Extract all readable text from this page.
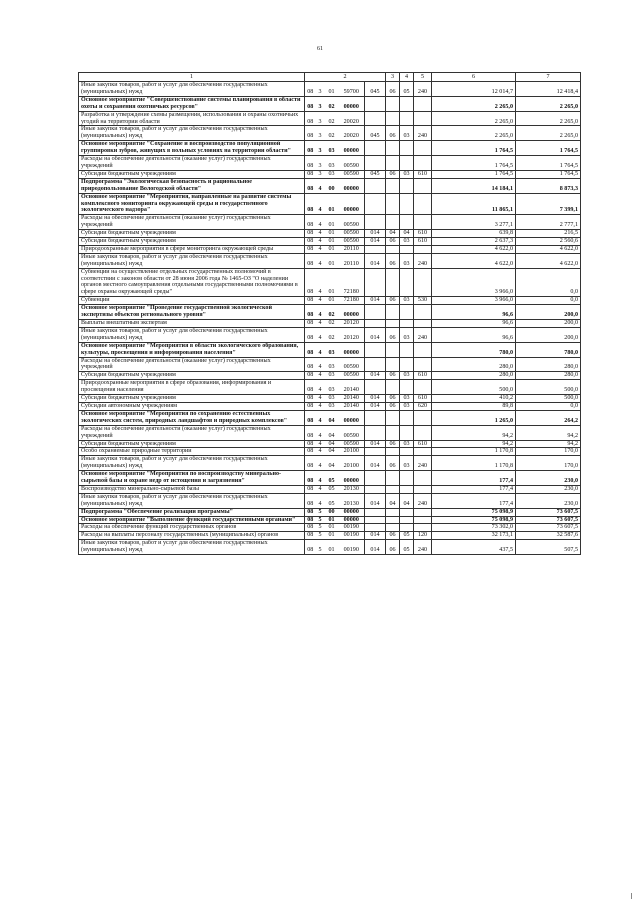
61
1	2					3	4	5	6	7
Иные закупки товаров, работ и услуг для обеспечения государственных (муниципальных) нужд	08	3	01	59700	045	06	05	240	12 014,7	12 418,4
Основное мероприятие "Совершенствование системы планирования в области охоты и сохранения охотничьих ресурсов"	08	3	02	00000					2 265,0	2 265,0
Разработка и утверждение схемы размещения, использования и охраны охотничьих угодий на территории области	08	3	02	20020					2 265,0	2 265,0
Иные закупки товаров, работ и услуг для обеспечения государственных (муниципальных) нужд	08	3	02	20020	045	06	03	240	2 265,0	2 265,0
Основное мероприятие "Сохранение и воспроизводство популяционной группировки зубров, живущих в вольных условиях на территории области"	08	3	03	00000					1 764,5	1 764,5
Расходы на обеспечение деятельности (оказание услуг) государственных учреждений	08	3	03	00590					1 764,5	1 764,5
Субсидии бюджетным учреждениям	08	3	03	00590	045	06	03	610	1 764,5	1 764,5
Подпрограмма "Экологическая безопасность и рациональное природопользование Вологодской области"	08	4	00	00000					14 184,1	8 873,3
Основное мероприятие "Мероприятия, направленные на развитие системы комплексного мониторинга окружающей среды и государственного экологического надзора"	08	4	01	00000					11 865,1	7 399,1
Расходы на обеспечение деятельности (оказание услуг) государственных учреждений	08	4	01	00590					3 277,1	2 777,1
Субсидии бюджетным учреждениям	08	4	01	00590	014	04	04	610	639,8	216,5
Субсидии бюджетным учреждениям	08	4	01	00590	014	06	03	610	2 637,3	2 560,6
Природоохранные мероприятия в сфере мониторинга окружающей среды	08	4	01	20110					4 622,0	4 622,0
Иные закупки товаров, работ и услуг для обеспечения государственных (муниципальных) нужд	08	4	01	20110	014	06	03	240	4 622,0	4 622,0
Субвенции на осуществление отдельных государственных полномочий в соответствии с законом области от 28 июня 2006 года № 1465-ОЗ "О наделении органов местного самоуправления отдельными государственными полномочиями в сфере охраны окружающей среды"	08	4	01	72180					3 966,0	0,0
Субвенции	08	4	01	72180	014	06	03	530	3 966,0	0,0
Основное мероприятие "Проведение государственной экологической экспертизы объектов регионального уровня"	08	4	02	00000					96,6	200,0
Выплаты внештатным экспертам	08	4	02	20120					96,6	200,0
Иные закупки товаров, работ и услуг для обеспечения государственных (муниципальных) нужд	08	4	02	20120	014	06	03	240	96,6	200,0
Основное мероприятие "Мероприятия в области экологического образования, культуры, просвещения и информирования населения"	08	4	03	00000					780,0	780,0
Расходы на обеспечение деятельности (оказание услуг) государственных учреждений	08	4	03	00590					280,0	280,0
Субсидии бюджетным учреждениям	08	4	03	00590	014	06	03	610	280,0	280,0
Природоохранные мероприятия в сфере образования, информирования и просвещения населения	08	4	03	20140					500,0	500,0
Субсидии бюджетным учреждениям	08	4	03	20140	014	06	03	610	410,2	500,0
Субсидии автономным учреждениям	08	4	03	20140	014	06	03	620	89,8	0,0
Основное мероприятие "Мероприятия по сохранению естественных экологических систем, природных ландшафтов и природных комплексов"	08	4	04	00000					1 265,0	264,2
Расходы на обеспечение деятельности (оказание услуг) государственных учреждений	08	4	04	00590					94,2	94,2
Субсидии бюджетным учреждениям	08	4	04	00590	014	06	03	610	94,2	94,2
Особо охраняемые природные территории	08	4	04	20100					1 170,8	170,0
Иные закупки товаров, работ и услуг для обеспечения государственных (муниципальных) нужд	08	4	04	20100	014	06	03	240	1 170,8	170,0
Основное мероприятие "Мероприятия по воспроизводству минерально-сырьевой базы и охране недр от истощения и загрязнения"	08	4	05	00000					177,4	230,0
Воспроизводство минерально-сырьевой базы	08	4	05	20130					177,4	230,0
Иные закупки товаров, работ и услуг для обеспечения государственных (муниципальных) нужд	08	4	05	20130	014	04	04	240	177,4	230,0
Подпрограмма "Обеспечение реализации программы"	08	5	00	00000					75 098,9	73 607,5
Основное мероприятие "Выполнение функций государственными органами"	08	5	01	00000					75 098,9	73 607,5
Расходы на обеспечение функций государственных органов	08	5	01	00190					73 302,0	73 607,5
Расходы на выплаты персоналу государственных (муниципальных) органов	08	5	01	00190	014	06	05	120	32 173,1	32 587,6
Иные закупки товаров, работ и услуг для обеспечения государственных (муниципальных) нужд	08	5	01	00190	014	06	05	240	437,5	507,5
